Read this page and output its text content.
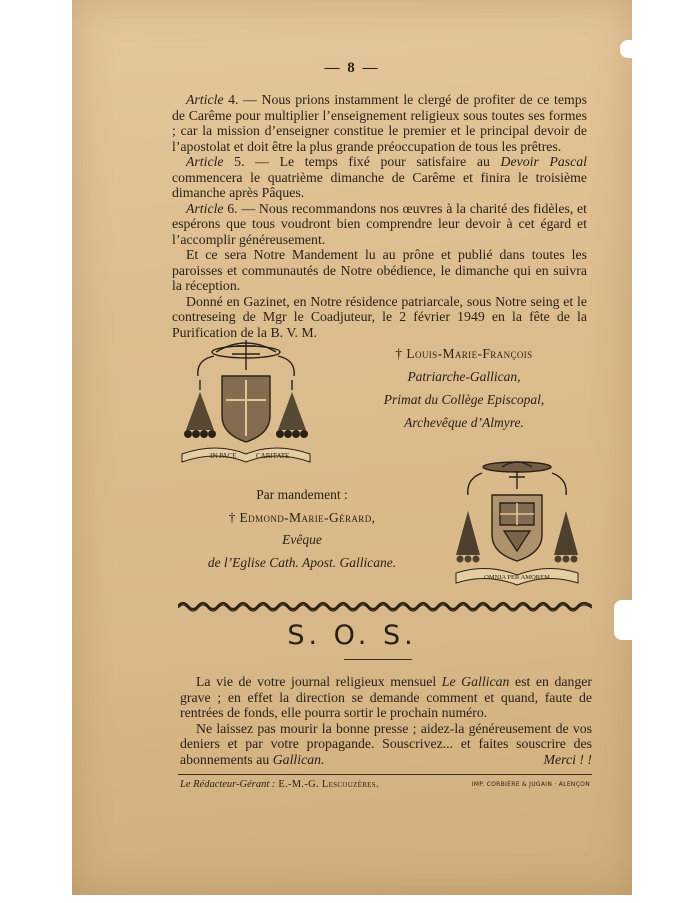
— 8 —

Article 4. — Nous prions instamment le clergé de profiter de ce temps de Carême pour multiplier l’enseignement religieux sous toutes ses formes ; car la mission d’enseigner constitue le premier et le principal devoir de l’apostolat et doit être la plus grande préoccupation de tous les prêtres.

Article 5. — Le temps fixé pour satisfaire au Devoir Pascal commencera le quatrième dimanche de Carême et finira le troisième dimanche après Pâques.

Article 6. — Nous recommandons nos œuvres à la charité des fidèles, et espérons que tous voudront bien comprendre leur devoir à cet égard et l’accomplir généreusement.

Et ce sera Notre Mandement lu au prône et publié dans toutes les paroisses et communautés de Notre obédience, le dimanche qui en suivra la réception.

Donné en Gazinet, en Notre résidence patriarcale, sous Notre seing et le contreseing de Mgr le Coadjuteur, le 2 février 1949 en la fête de la Purification de la B. V. M.

IN PACE	CARITATE
† Louis-Marie-François
Patriarche-Gallican,
Primat du Collège Episcopal,
Archevêque d’Almyre.
Par mandement :
† Edmond-Marie-Gérard,
Evêque
de l’Eglise Cath. Apost. Gallicane.
OMNIA PER AMOREM
S. O. S.

La vie de votre journal religieux mensuel Le Gallican est en danger grave ; en effet la direction se demande comment et quand, faute de rentrées de fonds, elle pourra sortir le prochain numéro.

Ne laissez pas mourir la bonne presse ; aidez-la généreusement de vos deniers et par votre propagande. Souscrivez... et faites souscrire des abonnements au Gallican.	Merci ! !

Le Rédacteur-Gérant : E.-M.-G. Lescouzères.	IMP. CORBIÈRE & JUGAIN · ALENÇON
